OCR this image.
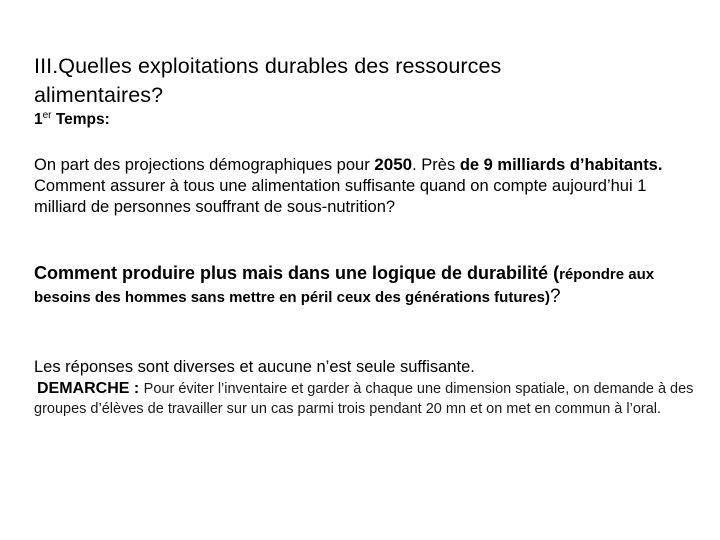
III.Quelles exploitations durables des ressources
alimentaires?
1er Temps:

On part des projections démographiques pour 2050. Près de 9 milliards d’habitants.
Comment assurer à tous une alimentation suffisante quand on compte aujourd’hui 1 milliard de personnes souffrant de sous-nutrition?

Comment produire plus mais dans une logique de durabilité (répondre aux besoins des hommes sans mettre en péril ceux des générations futures)?

Les réponses sont diverses et aucune n’est seule suffisante.

DEMARCHE : Pour éviter l’inventaire et garder à chaque une dimension spatiale, on demande à des groupes d’élèves de travailler sur un cas parmi trois pendant 20 mn et on met en commun à l’oral.
